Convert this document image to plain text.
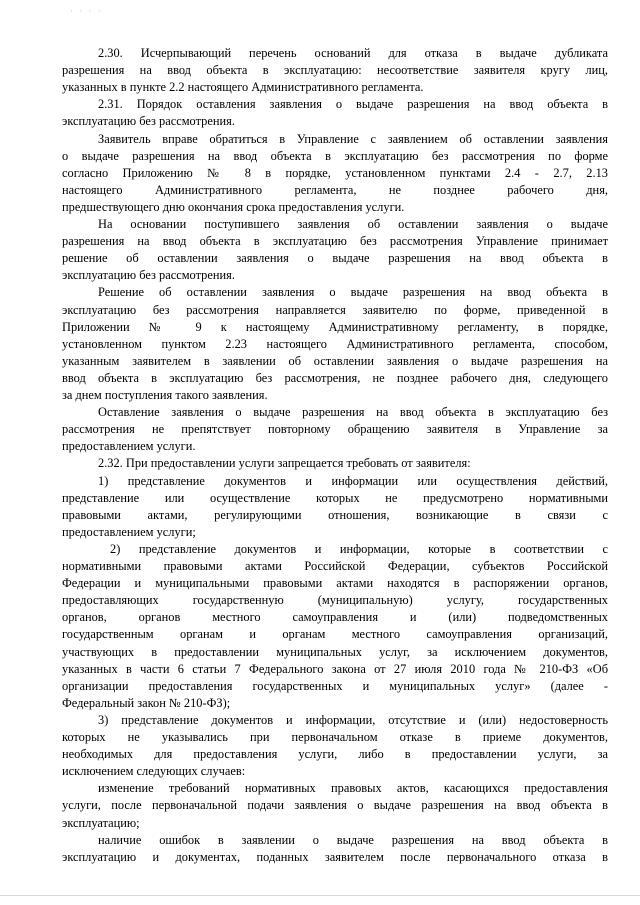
· · · ·
2.30. Исчерпывающий перечень оснований для отказа в выдаче дубликата
разрешения на ввод объекта в эксплуатацию: несоответствие заявителя кругу лиц,
указанных в пункте 2.2 настоящего Административного регламента.
2.31. Порядок оставления заявления о выдаче разрешения на ввод объекта в
эксплуатацию без рассмотрения.
Заявитель вправе обратиться в Управление с заявлением об оставлении заявления
о выдаче разрешения на ввод объекта в эксплуатацию без рассмотрения по форме
согласно Приложению № 8 в порядке, установленном пунктами 2.4 - 2.7, 2.13
настоящего Административного регламента, не позднее рабочего дня,
предшествующего дню окончания срока предоставления услуги.
На основании поступившего заявления об оставлении заявления о выдаче
разрешения на ввод объекта в эксплуатацию без рассмотрения Управление принимает
решение об оставлении заявления о выдаче разрешения на ввод объекта в
эксплуатацию без рассмотрения.
Решение об оставлении заявления о выдаче разрешения на ввод объекта в
эксплуатацию без рассмотрения направляется заявителю по форме, приведенной в
Приложении № 9 к настоящему Административному регламенту, в порядке,
установленном пунктом 2.23 настоящего Административного регламента, способом,
указанным заявителем в заявлении об оставлении заявления о выдаче разрешения на
ввод объекта в эксплуатацию без рассмотрения, не позднее рабочего дня, следующего
за днем поступления такого заявления.
Оставление заявления о выдаче разрешения на ввод объекта в эксплуатацию без
рассмотрения не препятствует повторному обращению заявителя в Управление за
предоставлением услуги.
2.32. При предоставлении услуги запрещается требовать от заявителя:
1) представление документов и информации или осуществления действий,
представление или осуществление которых не предусмотрено нормативными
правовыми актами, регулирующими отношения, возникающие в связи с
предоставлением услуги;
2) представление документов и информации, которые в соответствии с
нормативными правовыми актами Российской Федерации, субъектов Российской
Федерации и муниципальными правовыми актами находятся в распоряжении органов,
предоставляющих государственную (муниципальную) услугу, государственных
органов, органов местного самоуправления и (или) подведомственных
государственным органам и органам местного самоуправления организаций,
участвующих в предоставлении муниципальных услуг, за исключением документов,
указанных в части 6 статьи 7 Федерального закона от 27 июля 2010 года № 210-ФЗ «Об
организации предоставления государственных и муниципальных услуг» (далее -
Федеральный закон № 210-ФЗ);
3) представление документов и информации, отсутствие и (или) недостоверность
которых не указывались при первоначальном отказе в приеме документов,
необходимых для предоставления услуги, либо в предоставлении услуги, за
исключением следующих случаев:
изменение требований нормативных правовых актов, касающихся предоставления
услуги, после первоначальной подачи заявления о выдаче разрешения на ввод объекта в
эксплуатацию;
наличие ошибок в заявлении о выдаче разрешения на ввод объекта в
эксплуатацию и документах, поданных заявителем после первоначального отказа в
